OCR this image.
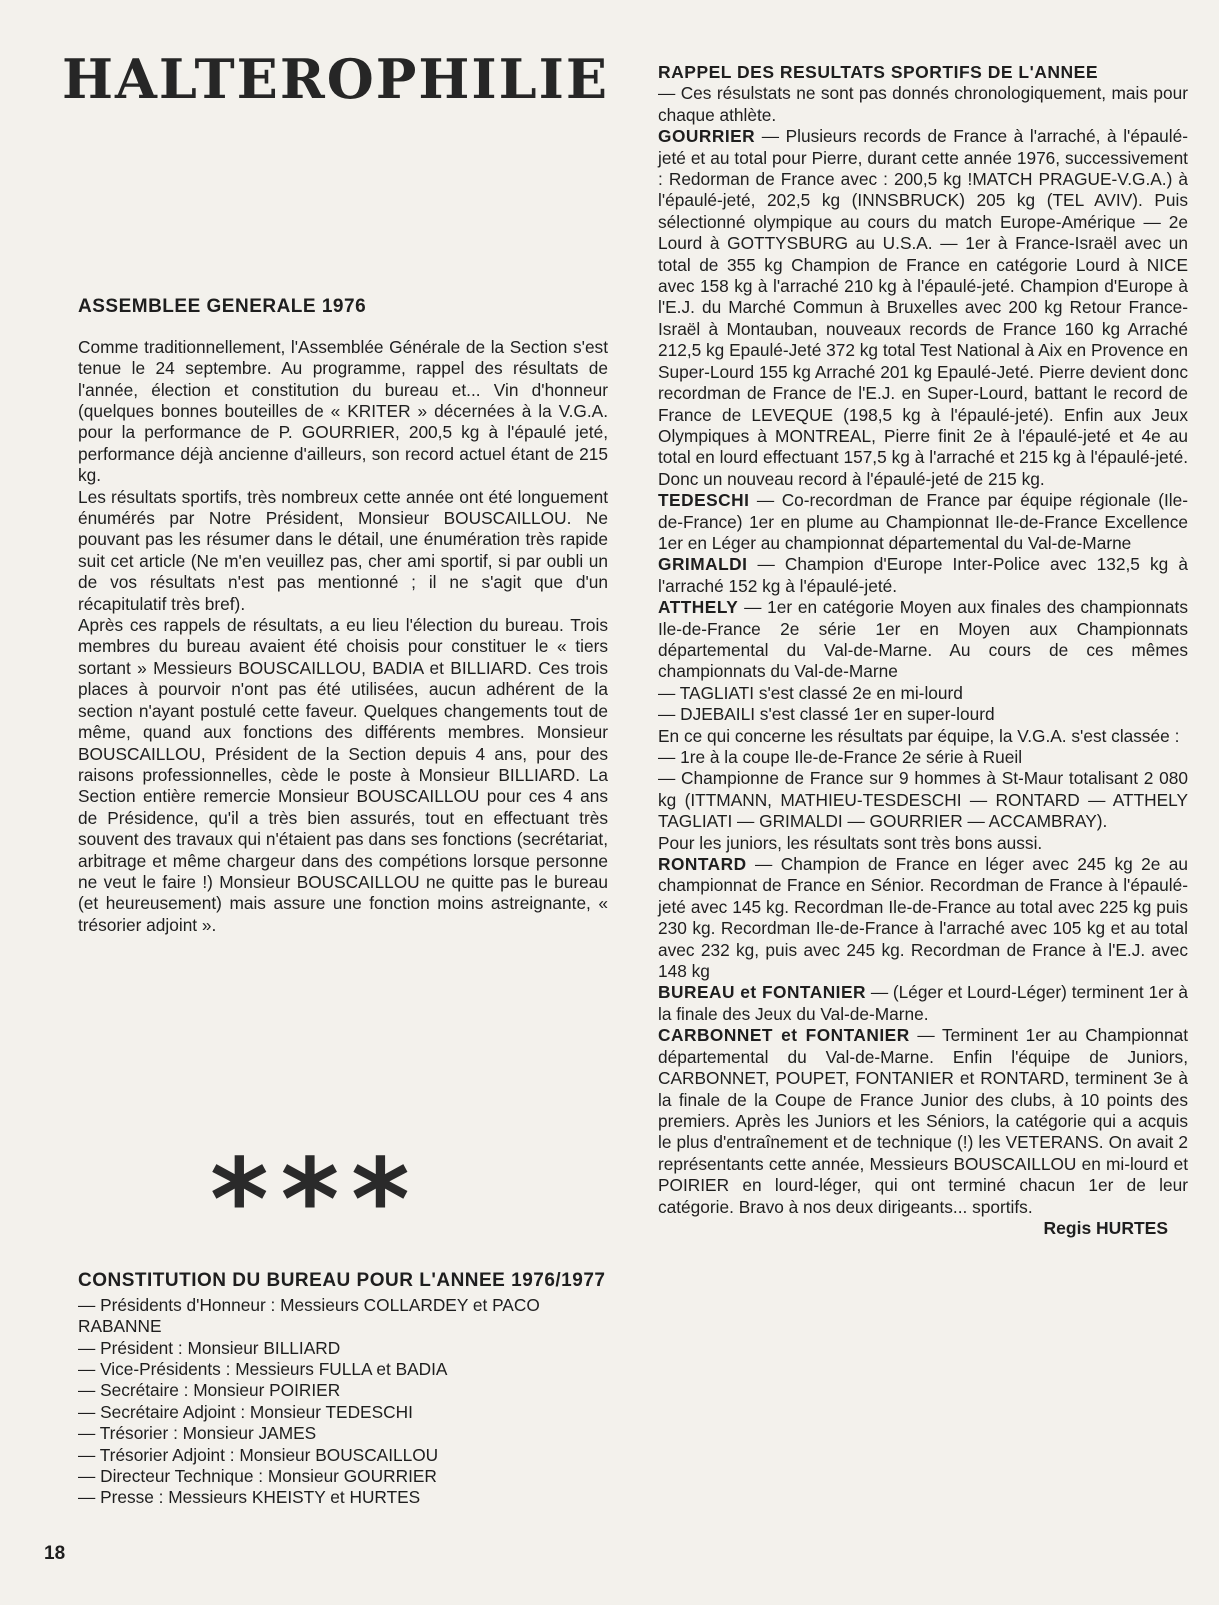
HALTEROPHILIE
ASSEMBLEE GENERALE 1976

Comme traditionnellement, l'Assemblée Générale de la Section s'est tenue le 24 septembre. Au programme, rappel des résultats de l'année, élection et constitution du bureau et... Vin d'honneur (quelques bonnes bouteilles de « KRITER » décernées à la V.G.A. pour la performance de P. GOURRIER, 200,5 kg à l'épaulé jeté, performance déjà ancienne d'ailleurs, son record actuel étant de 215 kg.

Les résultats sportifs, très nombreux cette année ont été longuement énumérés par Notre Président, Monsieur BOUSCAILLOU. Ne pouvant pas les résumer dans le détail, une énumération très rapide suit cet article (Ne m'en veuillez pas, cher ami sportif, si par oubli un de vos résultats n'est pas mentionné ; il ne s'agit que d'un récapitulatif très bref).

Après ces rappels de résultats, a eu lieu l'élection du bureau. Trois membres du bureau avaient été choisis pour constituer le « tiers sortant » Messieurs BOUSCAILLOU, BADIA et BILLIARD. Ces trois places à pourvoir n'ont pas été utilisées, aucun adhérent de la section n'ayant postulé cette faveur. Quelques changements tout de même, quand aux fonctions des différents membres. Monsieur BOUSCAILLOU, Président de la Section depuis 4 ans, pour des raisons professionnelles, cède le poste à Monsieur BILLIARD. La Section entière remercie Monsieur BOUSCAILLOU pour ces 4 ans de Présidence, qu'il a très bien assurés, tout en effectuant très souvent des travaux qui n'étaient pas dans ses fonctions (secrétariat, arbitrage et même chargeur dans des compétions lorsque personne ne veut le faire !) Monsieur BOUSCAILLOU ne quitte pas le bureau (et heureusement) mais assure une fonction moins astreignante, « trésorier adjoint ».

***
CONSTITUTION DU BUREAU POUR L'ANNEE 1976/1977
— Présidents d'Honneur : Messieurs COLLARDEY et PACO RABANNE
— Président : Monsieur BILLIARD
— Vice-Présidents : Messieurs FULLA et BADIA
— Secrétaire : Monsieur POIRIER
— Secrétaire Adjoint : Monsieur TEDESCHI
— Trésorier : Monsieur JAMES
— Trésorier Adjoint : Monsieur BOUSCAILLOU
— Directeur Technique : Monsieur GOURRIER
— Presse : Messieurs KHEISTY et HURTES
RAPPEL DES RESULTATS SPORTIFS DE L'ANNEE

— Ces résulstats ne sont pas donnés chronologiquement, mais pour chaque athlète.

GOURRIER — Plusieurs records de France à l'arraché, à l'épaulé-jeté et au total pour Pierre, durant cette année 1976, successivement : Redorman de France avec : 200,5 kg !MATCH PRAGUE-V.G.A.) à l'épaulé-jeté, 202,5 kg (INNSBRUCK) 205 kg (TEL AVIV). Puis sélectionné olympique au cours du match Europe-Amérique — 2e Lourd à GOTTYSBURG au U.S.A. — 1er à France-Israël avec un total de 355 kg Champion de France en catégorie Lourd à NICE avec 158 kg à l'arraché 210 kg à l'épaulé-jeté. Champion d'Europe à l'E.J. du Marché Commun à Bruxelles avec 200 kg Retour France-Israël à Montauban, nouveaux records de France 160 kg Arraché 212,5 kg Epaulé-Jeté 372 kg total Test National à Aix en Provence en Super-Lourd 155 kg Arraché 201 kg Epaulé-Jeté. Pierre devient donc recordman de France de l'E.J. en Super-Lourd, battant le record de France de LEVEQUE (198,5 kg à l'épaulé-jeté). Enfin aux Jeux Olympiques à MONTREAL, Pierre finit 2e à l'épaulé-jeté et 4e au total en lourd effectuant 157,5 kg à l'arraché et 215 kg à l'épaulé-jeté. Donc un nouveau record à l'épaulé-jeté de 215 kg.

TEDESCHI — Co-recordman de France par équipe régionale (Ile-de-France) 1er en plume au Championnat Ile-de-France Excellence 1er en Léger au championnat départemental du Val-de-Marne

GRIMALDI — Champion d'Europe Inter-Police avec 132,5 kg à l'arraché 152 kg à l'épaulé-jeté.

ATTHELY — 1er en catégorie Moyen aux finales des championnats Ile-de-France 2e série 1er en Moyen aux Championnats départemental du Val-de-Marne. Au cours de ces mêmes championnats du Val-de-Marne

— TAGLIATI s'est classé 2e en mi-lourd

— DJEBAILI s'est classé 1er en super-lourd

En ce qui concerne les résultats par équipe, la V.G.A. s'est classée :

— 1re à la coupe Ile-de-France 2e série à Rueil

— Championne de France sur 9 hommes à St-Maur totalisant 2 080 kg (ITTMANN, MATHIEU-TESDESCHI — RONTARD — ATTHELY TAGLIATI — GRIMALDI — GOURRIER — ACCAMBRAY).

Pour les juniors, les résultats sont très bons aussi.

RONTARD — Champion de France en léger avec 245 kg 2e au championnat de France en Sénior. Recordman de France à l'épaulé-jeté avec 145 kg. Recordman Ile-de-France au total avec 225 kg puis 230 kg. Recordman Ile-de-France à l'arraché avec 105 kg et au total avec 232 kg, puis avec 245 kg. Recordman de France à l'E.J. avec 148 kg

BUREAU et FONTANIER — (Léger et Lourd-Léger) terminent 1er à la finale des Jeux du Val-de-Marne.

CARBONNET et FONTANIER — Terminent 1er au Championnat départemental du Val-de-Marne. Enfin l'équipe de Juniors, CARBONNET, POUPET, FONTANIER et RONTARD, terminent 3e à la finale de la Coupe de France Junior des clubs, à 10 points des premiers. Après les Juniors et les Séniors, la catégorie qui a acquis le plus d'entraînement et de technique (!) les VETERANS. On avait 2 représentants cette année, Messieurs BOUSCAILLOU en mi-lourd et POIRIER en lourd-léger, qui ont terminé chacun 1er de leur catégorie. Bravo à nos deux dirigeants... sportifs.

Regis HURTES

18
